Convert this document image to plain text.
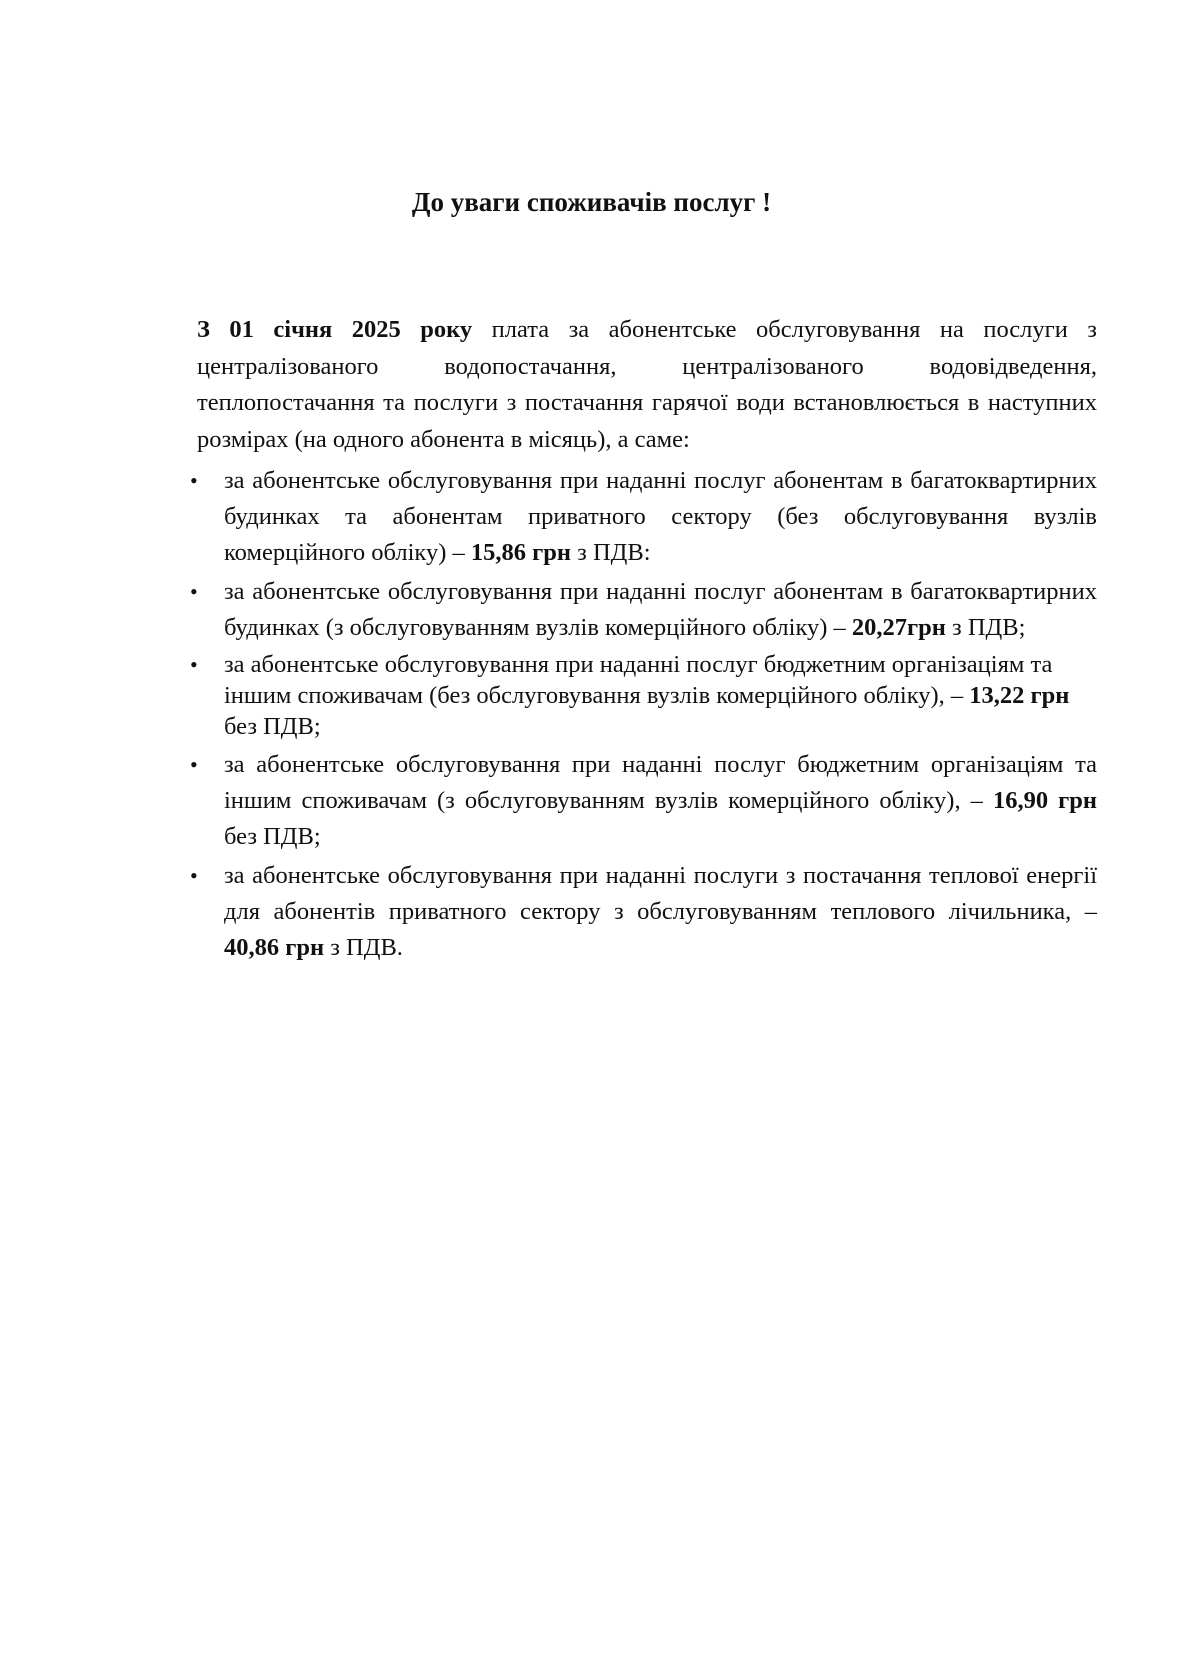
До уваги споживачів послуг !

З 01 січня 2025 року плата за абонентське обслуговування на послуги з централізованого водопостачання, централізованого водовідведення, теплопостачання та послуги з постачання гарячої води встановлюється в наступних розмірах (на одного абонента в місяць), а саме:

• за абонентське обслуговування при наданні послуг абонентам в багатоквартирних будинках та абонентам приватного сектору (без обслуговування вузлів комерційного обліку) – 15,86 грн з ПДВ:
• за абонентське обслуговування при наданні послуг абонентам в багатоквартирних будинках (з обслуговуванням вузлів комерційного обліку) – 20,27грн з ПДВ;
• за абонентське обслуговування при наданні послуг бюджетним організаціям та іншим споживачам (без обслуговування вузлів комерційного обліку), – 13,22 грн без ПДВ;
• за абонентське обслуговування при наданні послуг бюджетним організаціям та іншим споживачам (з обслуговуванням вузлів комерційного обліку), – 16,90 грн без ПДВ;
• за абонентське обслуговування при наданні послуги з постачання теплової енергії для абонентів приватного сектору з обслуговуванням теплового лічильника, – 40,86 грн з ПДВ.
